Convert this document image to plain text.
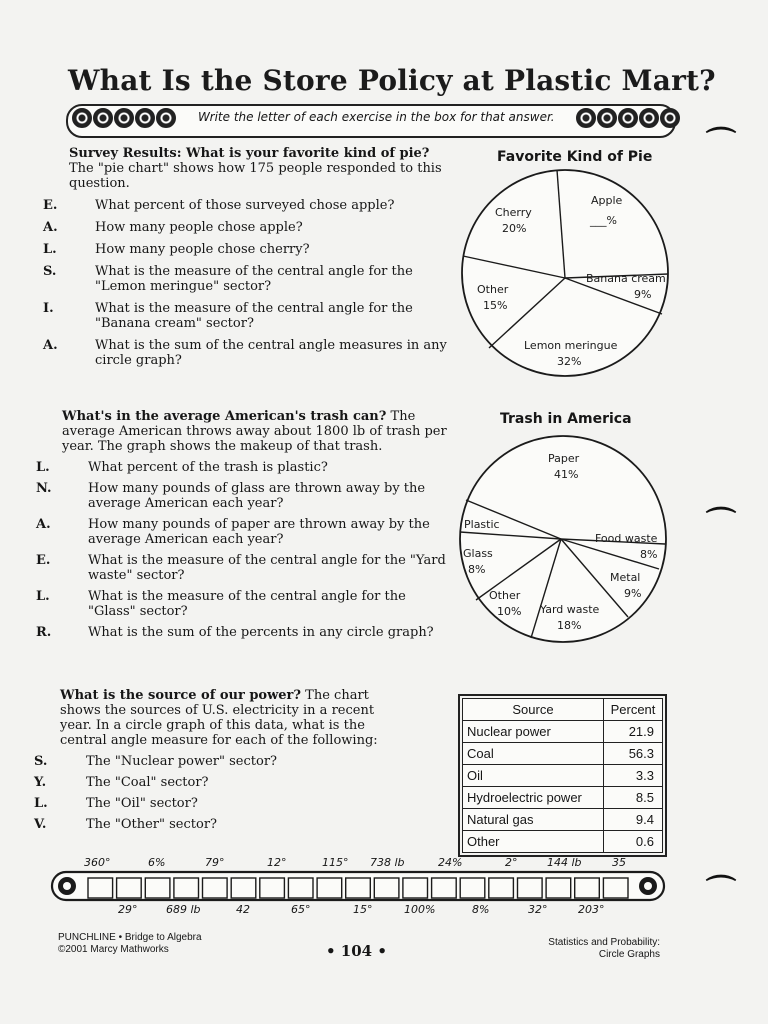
What Is the Store Policy at Plastic Mart?
Write the letter of each exercise in the box for that answer.
Survey Results: What is your favorite kind of pie? The "pie chart" shows how 175 people responded to this question.
E.	What percent of those surveyed chose apple?
A.	How many people chose apple?
L.	How many people chose cherry?
S.	What is the measure of the central angle for the "Lemon meringue" sector?
I.	What is the measure of the central angle for the "Banana cream" sector?
A.	What is the sum of the central angle measures in any circle graph?
Favorite Kind of Pie
Cherry
20%
Apple
___%
Banana cream
9%
Lemon meringue
32%
Other
15%
What's in the average American's trash can? The average American throws away about 1800 lb of trash per year. The graph shows the makeup of that trash.
L.	What percent of the trash is plastic?
N.	How many pounds of glass are thrown away by the average American each year?
A.	How many pounds of paper are thrown away by the average American each year?
E.	What is the measure of the central angle for the "Yard waste" sector?
L.	What is the measure of the central angle for the "Glass" sector?
R.	What is the sum of the percents in any circle graph?
Trash in America
Paper
41%
Food waste
8%
Metal
9%
Yard waste
18%
Other
10%
Glass
8%
Plastic
What is the source of our power? The chart shows the sources of U.S. electricity in a recent year. In a circle graph of this data, what is the central angle measure for each of the following:
S.	The "Nuclear power" sector?
Y.	The "Coal" sector?
L.	The "Oil" sector?
V.	The "Other" sector?
Source	Percent
Nuclear power	21.9
Coal	56.3
Oil	3.3
Hydroelectric power	8.5
Natural gas	9.4
Other	0.6
360°	6%	79°	12°	115° 738 lb	24%	2°	144 lb	35
29°	689 lb	42	65°	15°	100%	8%	32°	203°
⌒
⌒
⌒
PUNCHLINE • Bridge to Algebra
©2001 Marcy Mathworks	• 104 •	Statistics and Probability:
Circle Graphs
